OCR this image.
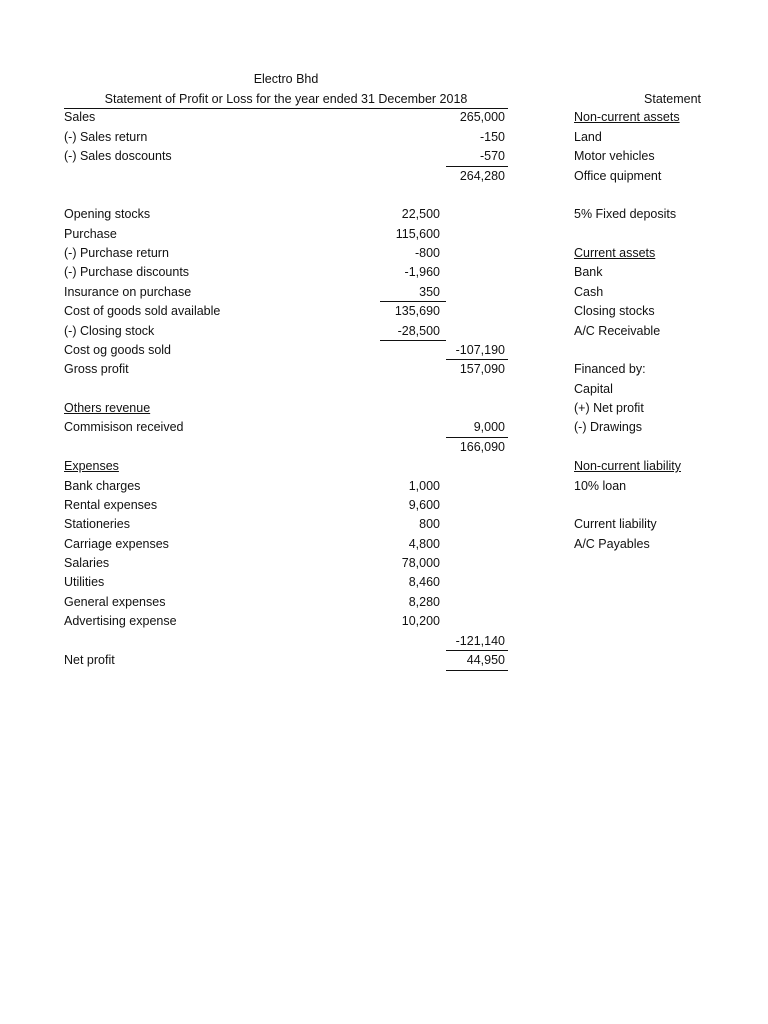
Electro Bhd
Statement of Profit or Loss for the year ended 31 December 2018	Statement
Sales
(-) Sales return
(-) Sales doscounts
Opening stocks
Purchase
(-) Purchase return
(-) Purchase discounts
Insurance on purchase
Cost of goods sold available
(-) Closing stock
Cost og goods sold
Gross profit
Others revenue
Commisison received
Expenses
Bank charges
Rental expenses
Stationeries
Carriage expenses
Salaries
Utilities
General expenses
Advertising expense
Net profit
22,500
115,600
-800
-1,960
350
135,690
-28,500
1,000
9,600
800
4,800
78,000
8,460
8,280
10,200
265,000
-150
-570
264,280
-107,190
157,090
9,000
166,090
-121,140
44,950
Non-current assets
Land
Motor vehicles
Office quipment
5% Fixed deposits
Current assets
Bank
Cash
Closing stocks
A/C Receivable
Financed by:
Capital
(+) Net profit
(-) Drawings
Non-current liability
10% loan
Current liability
A/C Payables
